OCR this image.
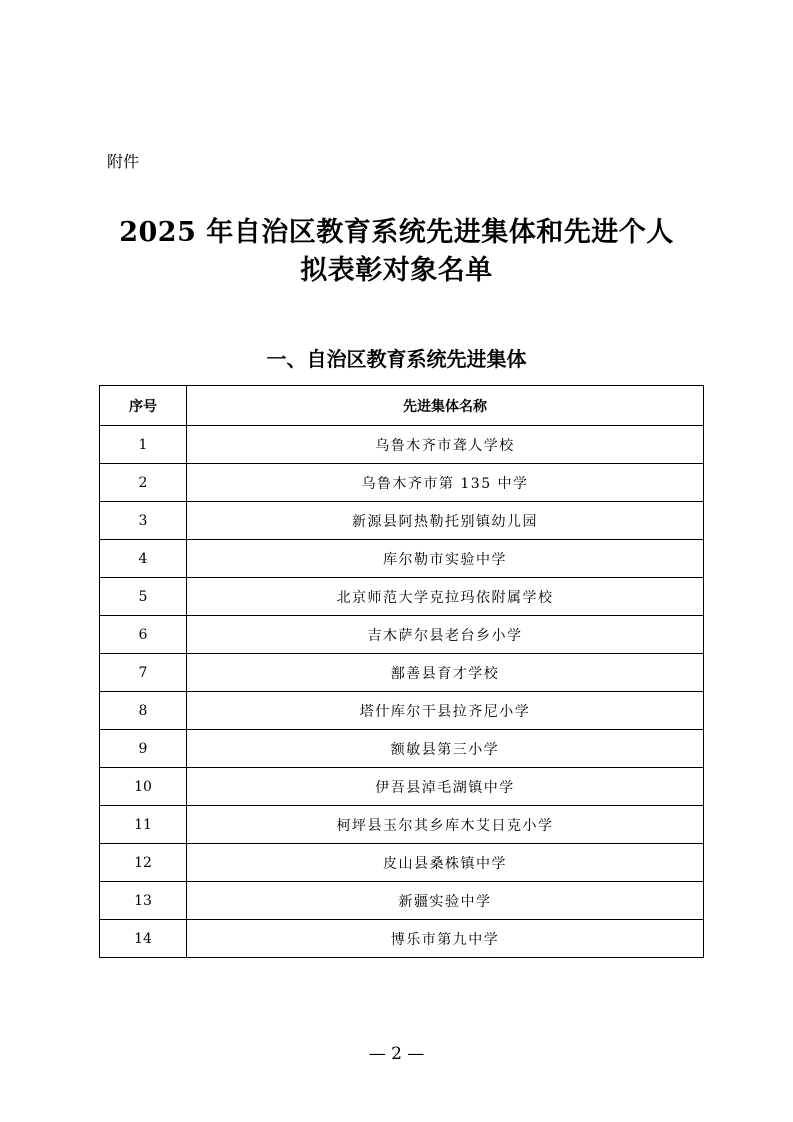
附件
2025 年自治区教育系统先进集体和先进个人
拟表彰对象名单
一、自治区教育系统先进集体
序号	先进集体名称
1	乌鲁木齐市聋人学校
2	乌鲁木齐市第 135 中学
3	新源县阿热勒托别镇幼儿园
4	库尔勒市实验中学
5	北京师范大学克拉玛依附属学校
6	吉木萨尔县老台乡小学
7	鄯善县育才学校
8	塔什库尔干县拉齐尼小学
9	额敏县第三小学
10	伊吾县淖毛湖镇中学
11	柯坪县玉尔其乡库木艾日克小学
12	皮山县桑株镇中学
13	新疆实验中学
14	博乐市第九中学
— 2 —
